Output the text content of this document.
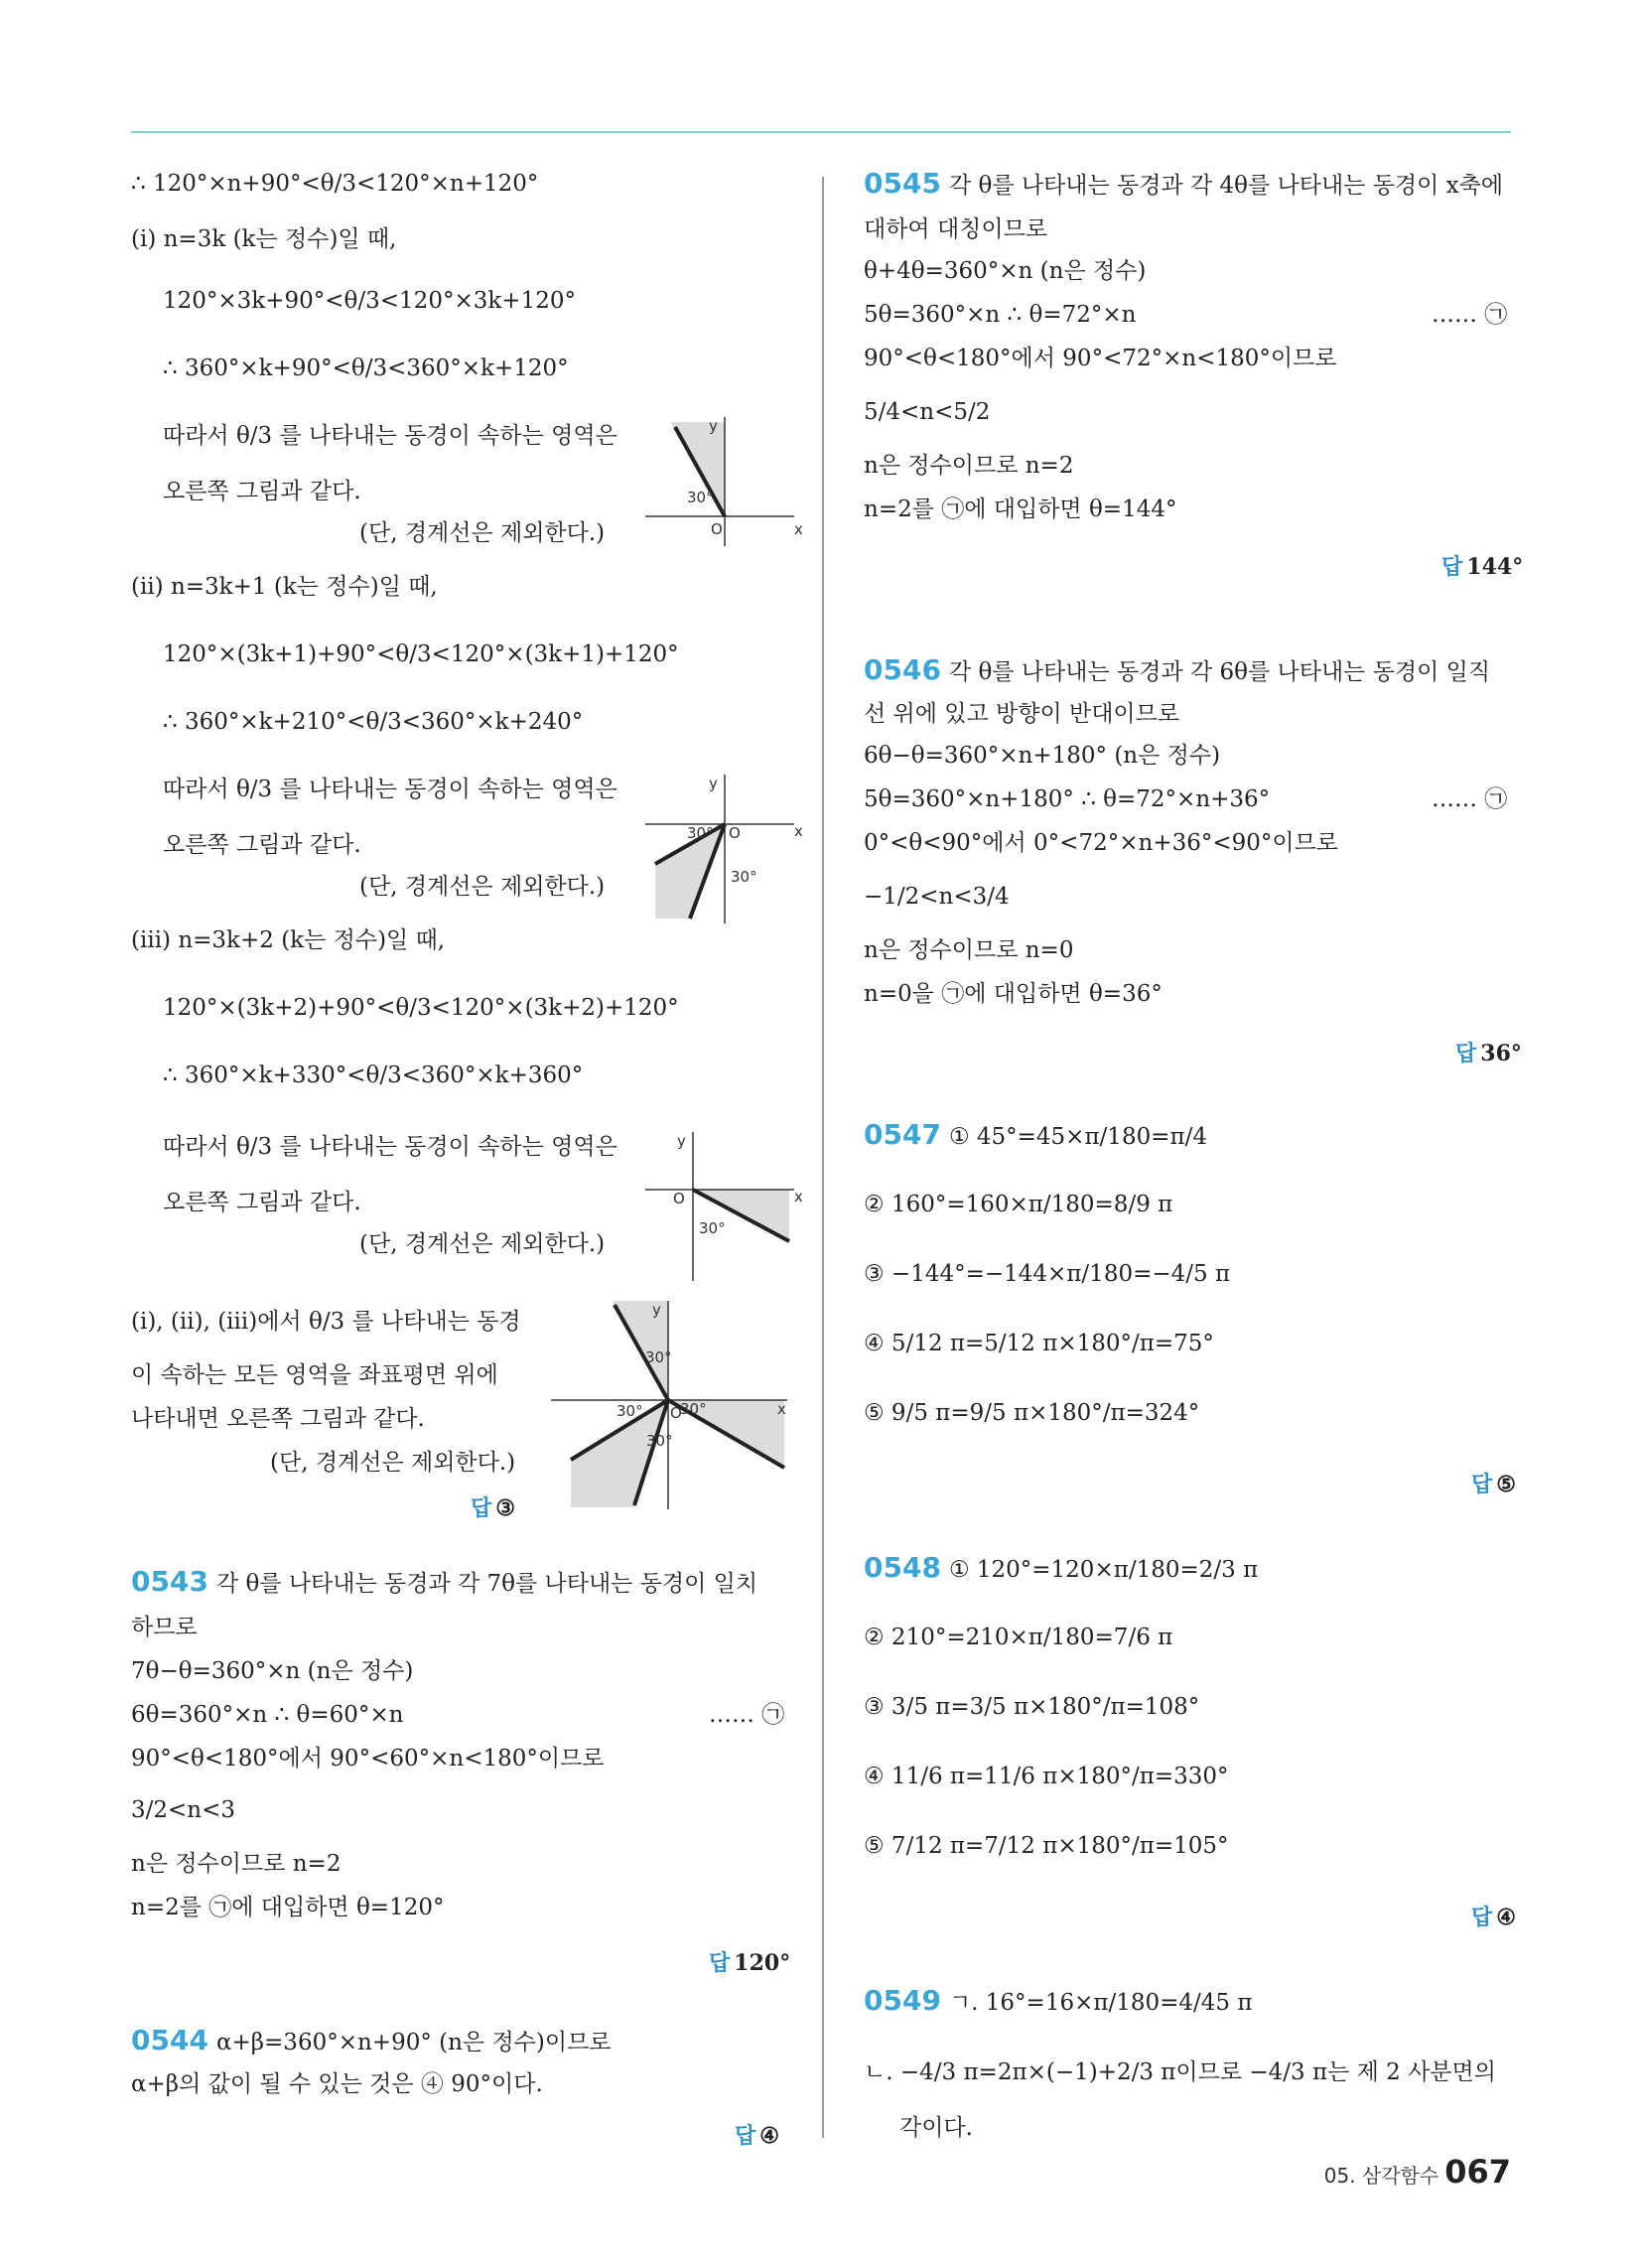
∴ 120°×n+90°<θ/3<120°×n+120°
(ⅰ) n=3k (k는 정수)일 때,
120°×3k+90°<θ/3<120°×3k+120°
∴ 360°×k+90°<θ/3<360°×k+120°
따라서 θ/3 를 나타내는 동경이 속하는 영역은
오른쪽 그림과 같다.
(단, 경계선은 제외한다.)
(ⅱ) n=3k+1 (k는 정수)일 때,
120°×(3k+1)+90°<θ/3<120°×(3k+1)+120°
∴ 360°×k+210°<θ/3<360°×k+240°
따라서 θ/3 를 나타내는 동경이 속하는 영역은
오른쪽 그림과 같다.
(단, 경계선은 제외한다.)
(ⅲ) n=3k+2 (k는 정수)일 때,
120°×(3k+2)+90°<θ/3<120°×(3k+2)+120°
∴ 360°×k+330°<θ/3<360°×k+360°
따라서 θ/3 를 나타내는 동경이 속하는 영역은
오른쪽 그림과 같다.
(단, 경계선은 제외한다.)
(ⅰ), (ⅱ), (ⅲ)에서 θ/3 를 나타내는 동경
이 속하는 모든 영역을 좌표평면 위에
나타내면 오른쪽 그림과 같다.
(단, 경계선은 제외한다.)
답 ③
0543 각 θ를 나타내는 동경과 각 7θ를 나타내는 동경이 일치
하므로
7θ−θ=360°×n (n은 정수)
6θ=360°×n ∴ θ=60°×n	…… ㉠
90°<θ<180°에서 90°<60°×n<180°이므로
3/2<n<3
n은 정수이므로 n=2
n=2를 ㉠에 대입하면 θ=120°
답 120°
0544 α+β=360°×n+90° (n은 정수)이므로
α+β의 값이 될 수 있는 것은 ④ 90°이다.
답 ④
x
y
O
30°
x
y
O
30°
30°
x
y
O
30°
x
y
O
30°
30° 30°
30°
0545 각 θ를 나타내는 동경과 각 4θ를 나타내는 동경이 x축에
대하여 대칭이므로
θ+4θ=360°×n (n은 정수)
5θ=360°×n ∴ θ=72°×n	…… ㉠
90°<θ<180°에서 90°<72°×n<180°이므로
5/4<n<5/2
n은 정수이므로 n=2
n=2를 ㉠에 대입하면 θ=144°
답 144°
0546 각 θ를 나타내는 동경과 각 6θ를 나타내는 동경이 일직
선 위에 있고 방향이 반대이므로
6θ−θ=360°×n+180° (n은 정수)
5θ=360°×n+180° ∴ θ=72°×n+36°	…… ㉠
0°<θ<90°에서 0°<72°×n+36°<90°이므로
−1/2<n<3/4
n은 정수이므로 n=0
n=0을 ㉠에 대입하면 θ=36°
답 36°
0547 ① 45°=45×π/180=π/4
② 160°=160×π/180=8/9 π
③ −144°=−144×π/180=−4/5 π
④ 5/12 π=5/12 π×180°/π=75°
⑤ 9/5 π=9/5 π×180°/π=324°
답 ⑤
0548 ① 120°=120×π/180=2/3 π
② 210°=210×π/180=7/6 π
③ 3/5 π=3/5 π×180°/π=108°
④ 11/6 π=11/6 π×180°/π=330°
⑤ 7/12 π=7/12 π×180°/π=105°
답 ④
0549 ㄱ. 16°=16×π/180=4/45 π
ㄴ. −4/3 π=2π×(−1)+2/3 π이므로 −4/3 π는 제 2 사분면의
각이다.
05. 삼각함수 067
